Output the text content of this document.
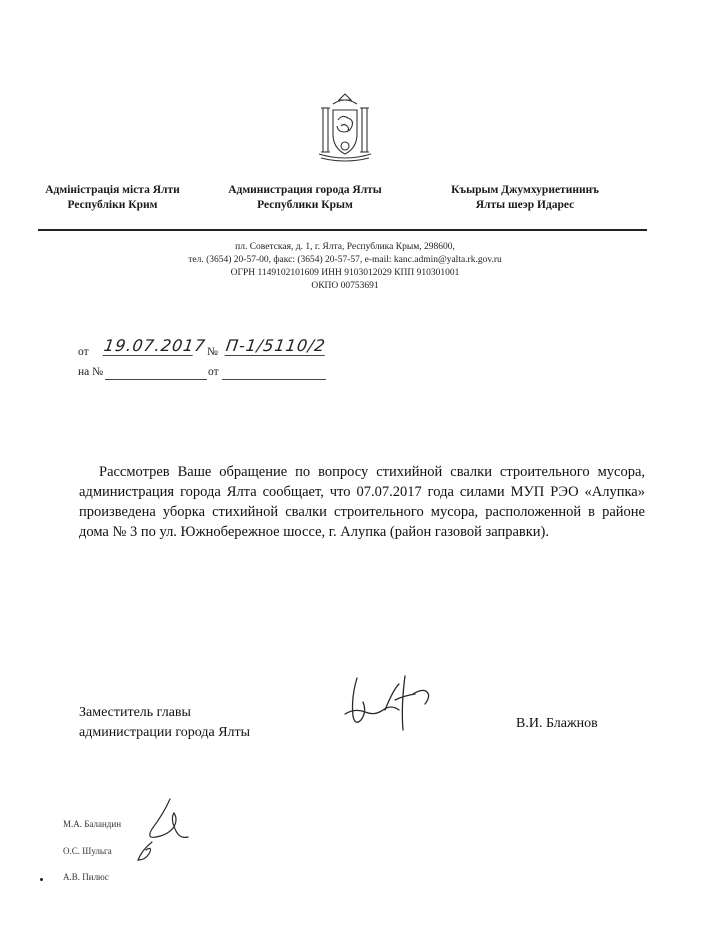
Адміністрація міста Ялти
Республіки Крим
Администрация города Ялты
Республики Крым
Къырым Джумхуриетининъ
Ялты шеэр Идарес
пл. Советская, д. 1, г. Ялта, Республика Крым, 298600,
тел. (3654) 20-57-00, факс: (3654) 20-57-57, e-mail: kanc.admin@yalta.rk.gov.ru
ОГРН 1149102101609 ИНН 9103012029 КПП 910301001
ОКПО 00753691
от 19.07.2017 № П-1/5110/2
на №	от

Рассмотрев Ваше обращение по вопросу стихийной свалки строительного мусора, администрация города Ялта сообщает, что 07.07.2017 года силами МУП РЭО «Алупка» произведена уборка стихийной свалки строительного мусора, расположенной в районе дома № 3 по ул. Южнобережное шоссе, г. Алупка (район газовой заправки).

Заместитель главы
администрации города Ялты
В.И. Блажнов
М.А. Баландин
О.С. Шульга
А.В. Пилюс
